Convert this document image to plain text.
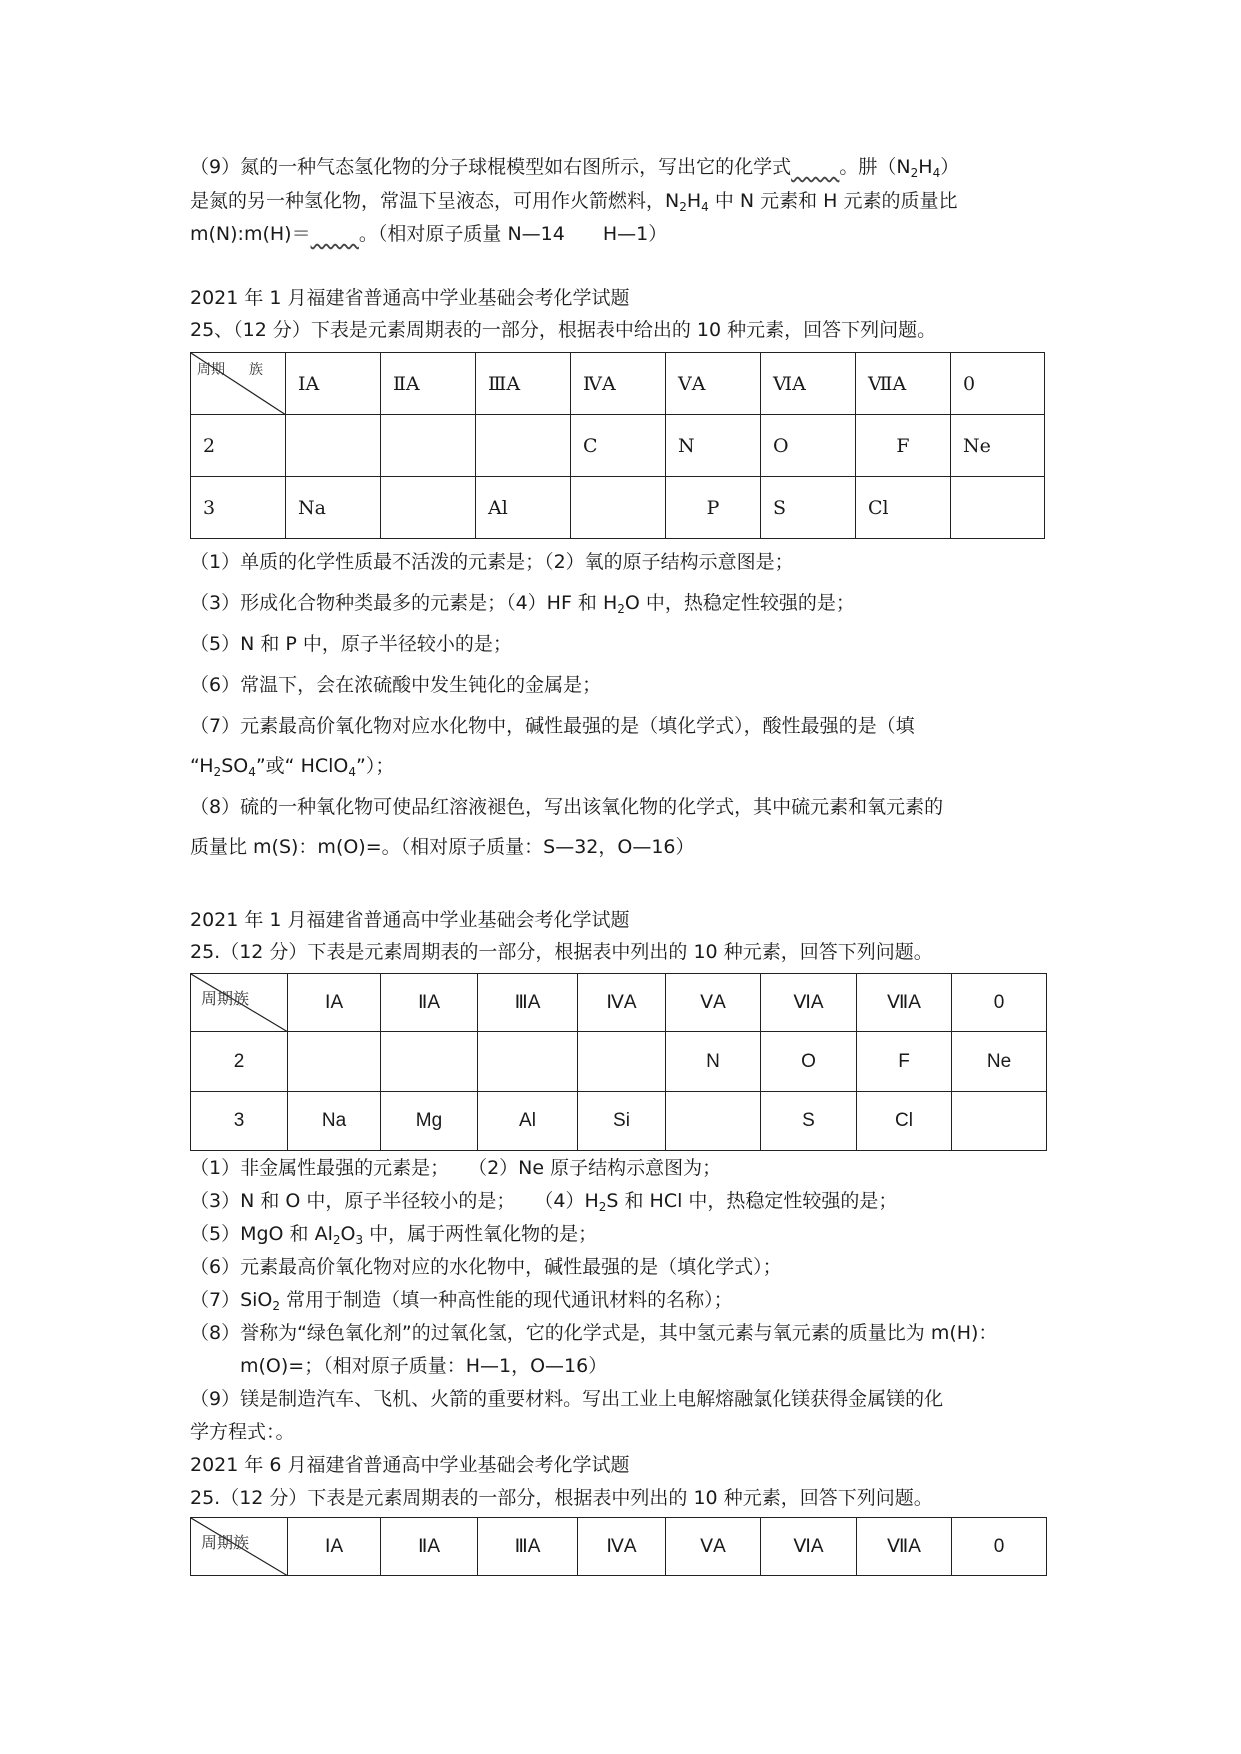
（9）氮的一种气态氢化物的分子球棍模型如右图所示，写出它的化学式	。肼$(N_2H_4)$
是氮的另一种氢化物，常温下呈液态，可用作火箭燃料，$N_2H_4$ 中 N 元素和 H 元素的质量比
m(N):m(H)＝	。（相对原子质量 N—14　　H—1）
2021 年 1 月福建省普通高中学业基础会考化学试题
25、（12 分）下表是元素周期表的一部分，根据表中给出的 10 种元素，回答下列问题。
周期 族	ⅠA	ⅡA	ⅢA	ⅣA	ⅤA	ⅥA	ⅦA	0
2				C	N	O	F	Ne
3	Na		Al		P	S	Cl	
（1）单质的化学性质最不活泼的元素是；（2）氧的原子结构示意图是；
（3）形成化合物种类最多的元素是；（4）HF 和 $H_2O$ 中，热稳定性较强的是；
（5）N 和 P 中，原子半径较小的是；
（6）常温下，会在浓硫酸中发生钝化的金属是；
（7）元素最高价氧化物对应水化物中，碱性最强的是（填化学式），酸性最强的是（填
“$H_2SO_4$”或“ HClO$_4$”）；
（8）硫的一种氧化物可使品红溶液褪色，写出该氧化物的化学式，其中硫元素和氧元素的
质量比 m(S)：m(O)=。（相对原子质量：S—32，O—16）
2021 年 1 月福建省普通高中学业基础会考化学试题
25.（12 分）下表是元素周期表的一部分，根据表中列出的 10 种元素，回答下列问题。
周期族	ⅠA	ⅡA	ⅢA	ⅣA	ⅤA	ⅥA	ⅦA	0
2					N	O	F	Ne
3	Na	Mg	Al	Si		S	Cl	
（1）非金属性最强的元素是；　　（2）Ne 原子结构示意图为；
（3）N 和 O 中，原子半径较小的是；　　$(4)H_2S$ 和 HCl 中，热稳定性较强的是；
（5）MgO 和 $Al_2O_3$ 中，属于两性氧化物的是；
（6）元素最高价氧化物对应的水化物中，碱性最强的是（填化学式）；
（7）SiO$_2$ 常用于制造（填一种高性能的现代通讯材料的名称）；
（8）誉称为“绿色氧化剂”的过氧化氢，它的化学式是，其中氢元素与氧元素的质量比为 m(H)：
m(O)=；（相对原子质量：H—1，O—16）
（9）镁是制造汽车、飞机、火箭的重要材料。写出工业上电解熔融氯化镁获得金属镁的化
学方程式：。
2021 年 6 月福建省普通高中学业基础会考化学试题
25.（12 分）下表是元素周期表的一部分，根据表中列出的 10 种元素，回答下列问题。
周期族	ⅠA	ⅡA	ⅢA	ⅣA	ⅤA	ⅥA	ⅦA	0
